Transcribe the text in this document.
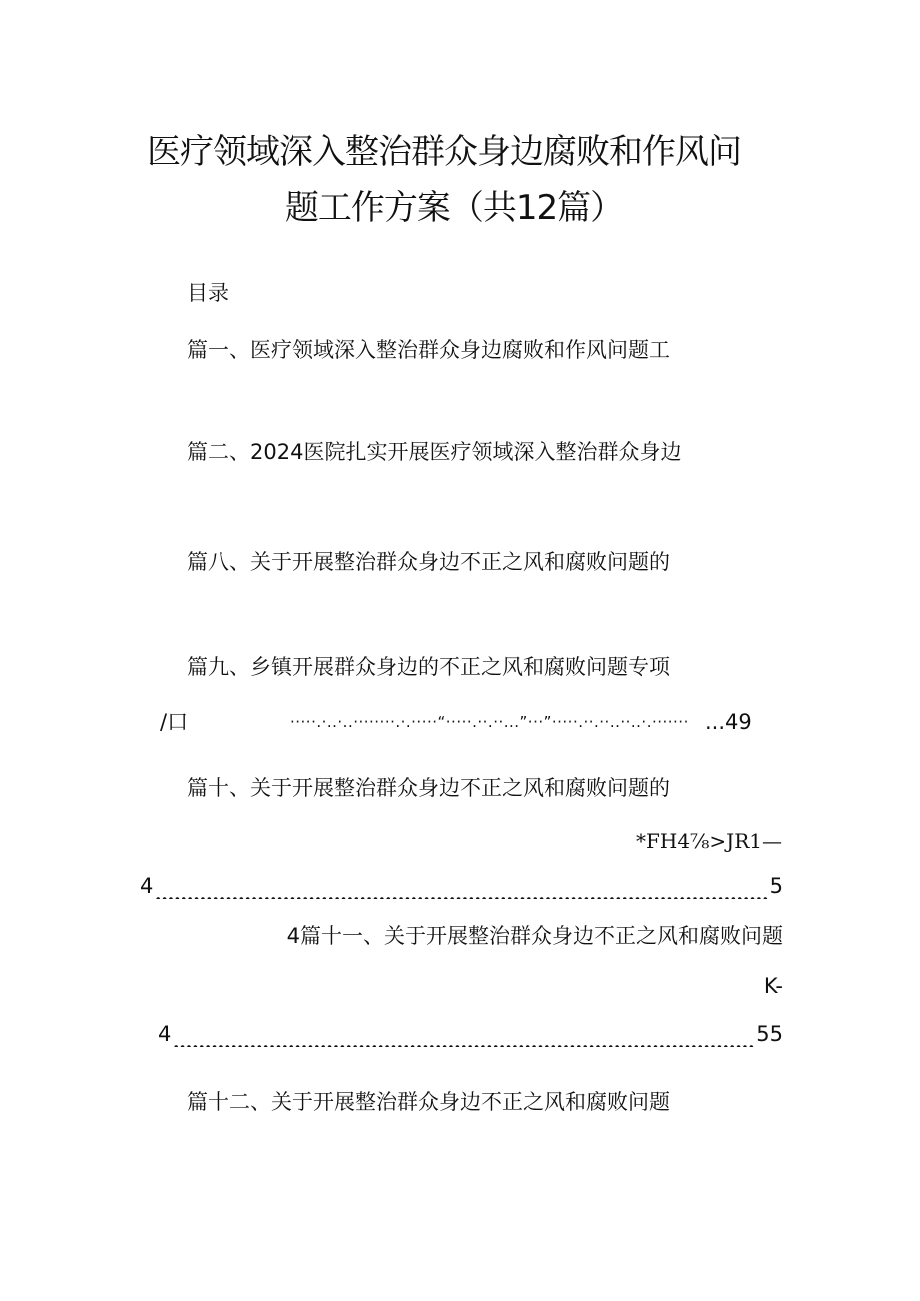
医疗领域深入整治群众身边腐败和作风问
题工作方案（共12篇）
目录
篇一、医疗领域深入整治群众身边腐败和作风问题工
篇二、2024医院扎实开展医疗领域深入整治群众身边
篇八、关于开展整治群众身边不正之风和腐败问题的
篇九、乡镇开展群众身边的不正之风和腐败问题专项
/口	·····.·..·..········.·.·····“·····.··.··...”···”·····.··.··..··..·.······· ...49
篇十、关于开展整治群众身边不正之风和腐败问题的
*FH4⅞>JR1—
4	5
4篇十一、关于开展整治群众身边不正之风和腐败问题
K-
4	55
篇十二、关于开展整治群众身边不正之风和腐败问题
